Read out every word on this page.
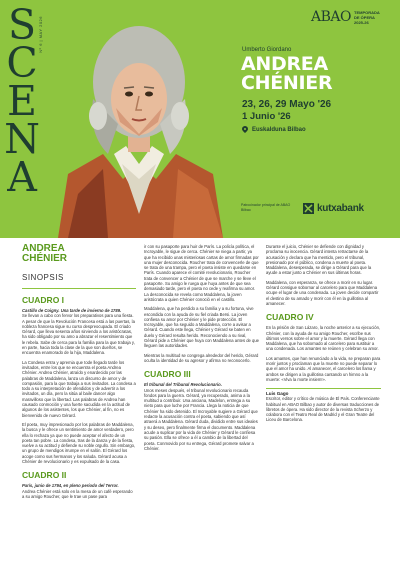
S
C
E
N
A
Nº 6 | MAY 2026	ABAO TEMPORADA DE ÓPERA 2025-26
Umberto Giordano
ANDREA
CHÉNIER
23, 26, 29 Mayo '26
1 Junio '26
Euskalduna Bilbao
Patrocinador principal de ABAO Bilbao	kutxabank
ANDREA
CHÉNIER
SINOPSIS
CUADRO I
Castillo de Coigny. Una tarde de invierno de 1789.

Se llevan a cabo con fervor los preparativos para una fiesta. A pesar de que la Revolución Francesa está a las puertas, la nobleza francesa sigue su curso despreocupada. El criado Gérard, que lleva sesenta años sirviendo a los aristócratas, ha sido obligado por su amo a abrazar el resentimiento que le rebela. Sabe de cerca para la familia para la que trabaja y, en parte, hacia toda la clase de la que son dueños, se encuentra enamorado de la hija, Maddalena.

La Condesa entra y apremia que tode llegado tarde los invitados, entre los que se encuentra el poeta Andrea Chénier. Andrea Chénier, atraído y enardecido por las palabras de Maddalena, lanza un discurso de amor y de compasión, para la que trabaja a sus invitados. La condesa a todo a su interpretación de ofendidos y de advertir a los invitados, un día, pero la sitúa al baile dancer algo maravilloso que la libertad. Las palabras de Andrea han causado conmoción y una fuerte sacudida en la actitud de algunos de los asistentes, los que Chénier, al fin, no es bienvenido de nuevo Gérard.

El poeta, muy impresionado por los palabras de Maddalena, la busca y le ofrece un sentimiento de amor verdadero, pero ella lo rechaza ya que no puede aceptar el afecto de un poeta tan pobre. La condesa, tras de la danza y de la fiesta, vuelve a su actitud y defiende su noble orgullo. Sin embargo, un grupo de mendigos irrumpe en el salón. El Gérard los acoge como sus hermanos y los saluda. Gérard acusa a Chénier de revolucionario y es expulsado de la casa.

CUADRO II
París, junio de 1794, en pleno periodo del Terror.

Andrea Chénier está solo en la mesa de un café esperando a su amigo Roucher, que le trae un pase para

ir con su pasaporte para huir de París. La policía política, el Incroyable, le sigue de cerca. Chénier se niega a partir, ya que ha recibido unas misteriosas cartas de amor firmadas por una mujer desconocida. Roucher trata de convencerle de que se trata de una trampa, pero el poeta insiste en quedarse en París. Cuando aparece el comité revolucionario, Roucher trata de convencer a Chénier de que se marche y se lleve el pasaporte. Su amigo le ruega que huya antes de que sea demasiado tarde, pero el poeta no cede y reafirma su amor. La desconocida se revela como Maddalena, la joven aristócrata a quien Chénier conoció en el castillo.

Maddalena, que ha perdido a su familia y a su fortuna, vive escondida con la ayuda de su fiel criada Bersi. La joven confiesa su amor por Chénier y le pide protección. El Incroyable, que ha seguido a Maddalena, corre a avisar a Gérard. Cuando este llega, Chénier y Gérard se baten en duelo y Gérard resulta herido. Reconociendo a su rival, Gérard pide a Chénier que huya con Maddalena antes de que lleguen las autoridades.

Mientras la multitud se congrega alrededor del herido, Gérard oculta la identidad de su agresor y afirma no reconocerlo.

CUADRO III
El tribunal del Tribunal Revolucionario.

Unos meses después, el tribunal revolucionario recauda fondos para la guerra. Gérard, ya recuperado, anima a la multitud a contribuir. Una anciana, Madelon, entrega a su nieto para que luche por Francia. Llega la noticia de que Chénier ha sido detenido. El Incroyable sugiere a Gérard que redacte la acusación contra el poeta, sabiendo que así atraerá a Maddalena. Gérard duda, dividido entre sus ideales y su deseo, pero finalmente firma el documento. Maddalena acude a suplicar por la vida de Chénier y Gérard le confiesa su pasión. Ella se ofrece a él a cambio de la libertad del poeta. Conmovido por su entrega, Gérard promete salvar a Chénier.

Durante el juicio, Chénier se defiende con dignidad y proclama su inocencia. Gérard intenta retractarse de la acusación y declara que ha mentido, pero el tribunal, presionado por el público, condena a muerte al poeta. Maddalena, desesperada, se dirige a Gérard para que la ayude a estar junto a Chénier en sus últimas horas.

Maddalena, con esperanza, se ofrece a morir en su lugar. Gérard consigue sobornar al carcelero para que Maddalena ocupe el lugar de una condenada. La joven decide compartir el destino de su amado y morir con él en la guillotina al amanecer.

CUADRO IV

En la prisión de San Lázaro, la noche anterior a su ejecución, Chénier, con la ayuda de su amigo Roucher, escribe sus últimos versos sobre el amor y la muerte. Gérard llega con Maddalena, que ha sobornado al carcelero para sustituir a una condenada. Los amantes se reúnen y celebran su amor.

Los amantes, que han renunciado a la vida, se preparan para morir juntos y proclaman que la muerte no puede separar lo que el amor ha unido. Al amanecer, el carcelero los llama y ambos se dirigen a la guillotina cantando un himno a la muerte: «Viva la morte insiem!».

Luis Gago

Escritor, editor y crítico de música de El País. Conferenciante habitual en ABAO Bilbao y autor de diversas traducciones de libretos de ópera. Ha sido director de la revista Scherzo y colabora con el Teatro Real de Madrid y el Gran Teatre del Liceu de Barcelona.
